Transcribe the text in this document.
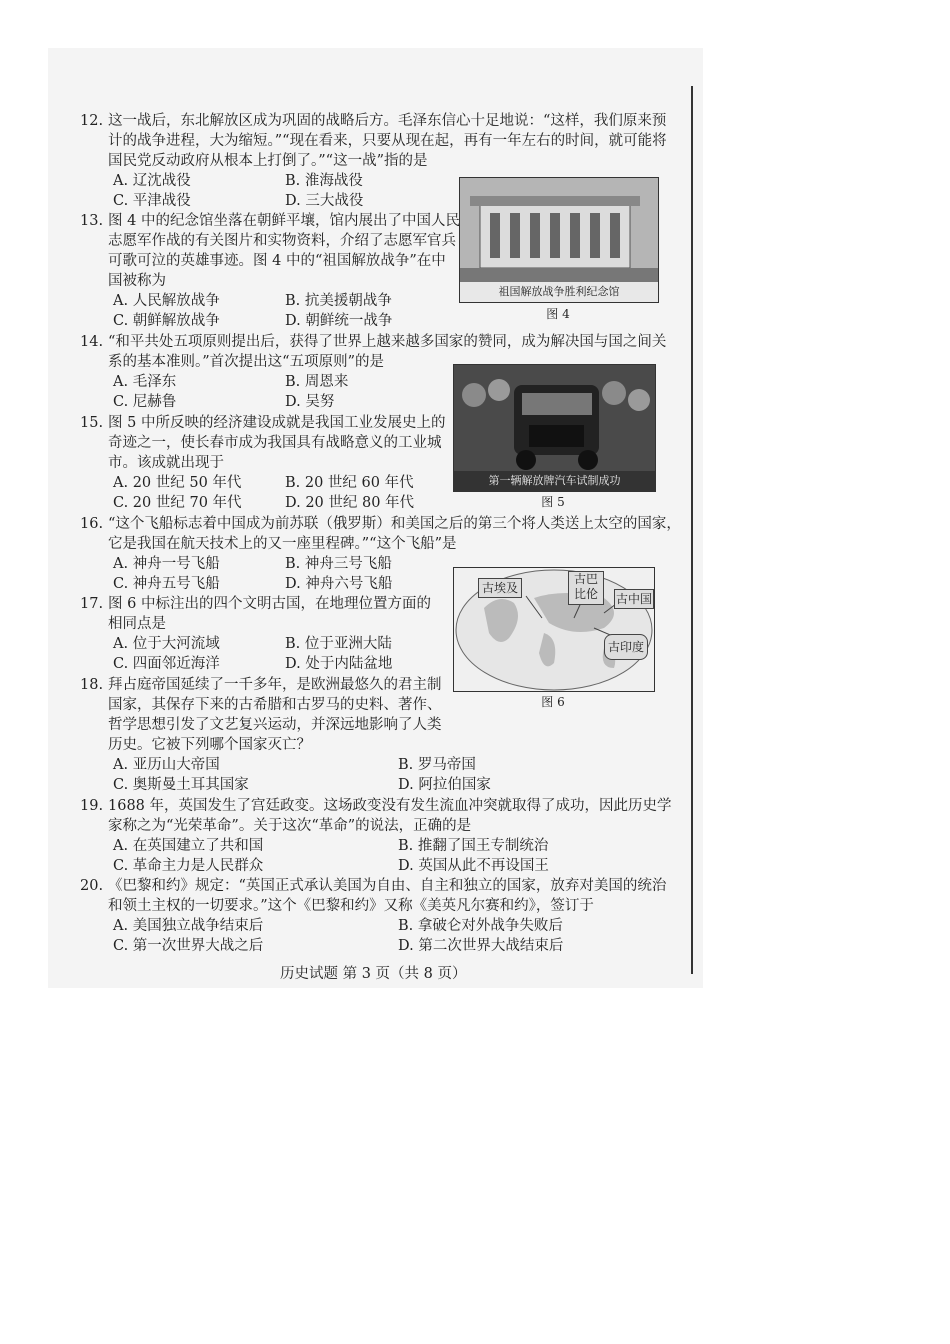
12. 这一战后，东北解放区成为巩固的战略后方。毛泽东信心十足地说：“这样，我们原来预
计的战争进程，大为缩短。”“现在看来，只要从现在起，再有一年左右的时间，就可能将
国民党反动政府从根本上打倒了。”“这一战”指的是
A. 辽沈战役	B. 淮海战役
C. 平津战役	D. 三大战役
祖国解放战争胜利纪念馆
图 4
13. 图 4 中的纪念馆坐落在朝鲜平壤，馆内展出了中国人民
志愿军作战的有关图片和实物资料，介绍了志愿军官兵
可歌可泣的英雄事迹。图 4 中的“祖国解放战争”在中
国被称为
A. 人民解放战争	B. 抗美援朝战争
C. 朝鲜解放战争	D. 朝鲜统一战争
14. “和平共处五项原则提出后，获得了世界上越来越多国家的赞同，成为解决国与国之间关
系的基本准则。”首次提出这“五项原则”的是
A. 毛泽东	B. 周恩来
C. 尼赫鲁	D. 吴努
第一辆解放牌汽车试制成功
图 5
15. 图 5 中所反映的经济建设成就是我国工业发展史上的
奇迹之一，使长春市成为我国具有战略意义的工业城
市。该成就出现于
A. 20 世纪 50 年代	B. 20 世纪 60 年代
C. 20 世纪 70 年代	D. 20 世纪 80 年代
16. “这个飞船标志着中国成为前苏联（俄罗斯）和美国之后的第三个将人类送上太空的国家，
它是我国在航天技术上的又一座里程碑。”“这个飞船”是
A. 神舟一号飞船	B. 神舟三号飞船
C. 神舟五号飞船	D. 神舟六号飞船	古埃及
古巴比伦	古中国
古印度
图 6
17. 图 6 中标注出的四个文明古国，在地理位置方面的
相同点是
A. 位于大河流域	B. 位于亚洲大陆
C. 四面邻近海洋	D. 处于内陆盆地
18. 拜占庭帝国延续了一千多年，是欧洲最悠久的君主制
国家，其保存下来的古希腊和古罗马的史料、著作、
哲学思想引发了文艺复兴运动，并深远地影响了人类
历史。它被下列哪个国家灭亡？
A. 亚历山大帝国	B. 罗马帝国
C. 奥斯曼土耳其国家	D. 阿拉伯国家
19. 1688 年，英国发生了宫廷政变。这场政变没有发生流血冲突就取得了成功，因此历史学
家称之为“光荣革命”。关于这次“革命”的说法，正确的是
A. 在英国建立了共和国	B. 推翻了国王专制统治
C. 革命主力是人民群众	D. 英国从此不再设国王
20. 《巴黎和约》规定：“英国正式承认美国为自由、自主和独立的国家，放弃对美国的统治
和领土主权的一切要求。”这个《巴黎和约》又称《美英凡尔赛和约》，签订于
A. 美国独立战争结束后	B. 拿破仑对外战争失败后
C. 第一次世界大战之后	D. 第二次世界大战结束后
历史试题 第 3 页（共 8 页）
